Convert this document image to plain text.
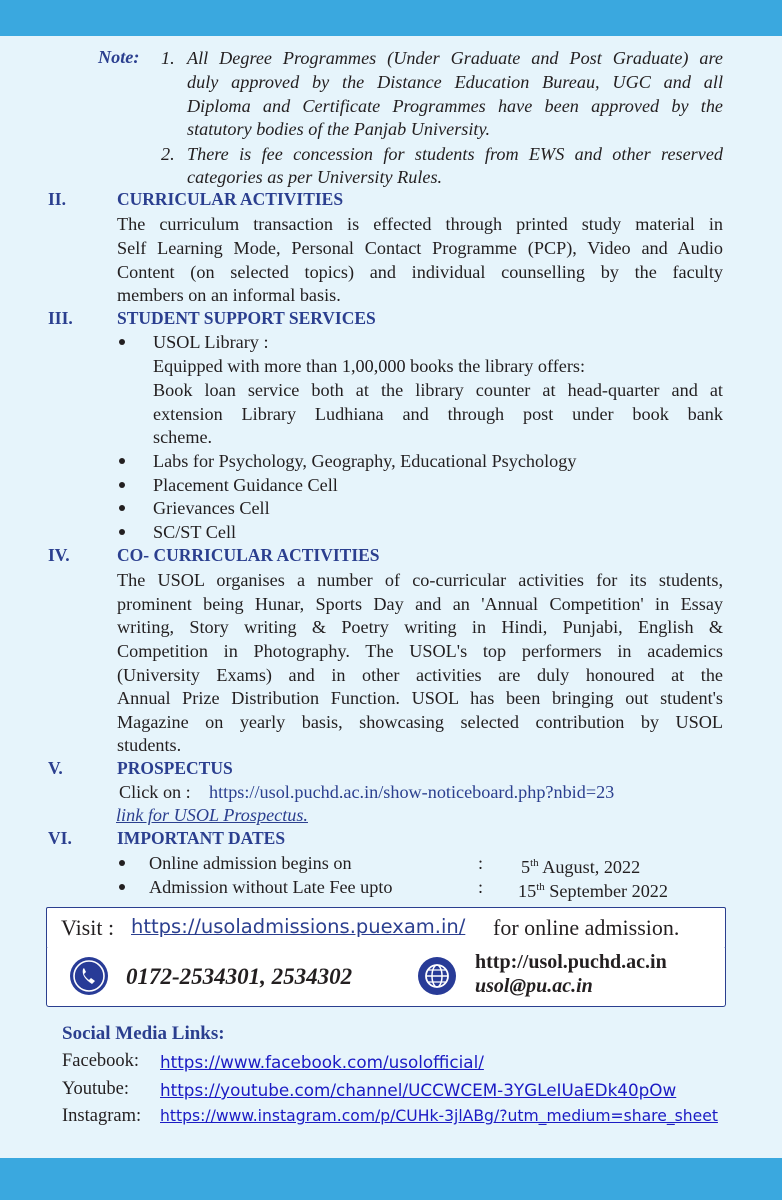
Note: 1. All Degree Programmes (Under Graduate and Post Graduate) are
duly approved by the Distance Education Bureau, UGC and all
Diploma and Certificate Programmes have been approved by the
statutory bodies of the Panjab University.
2. There is fee concession for students from EWS and other reserved
categories as per University Rules.
II.	CURRICULAR ACTIVITIES
The curriculum transaction is effected through printed study material in
Self Learning Mode, Personal Contact Programme (PCP), Video and Audio
Content (on selected topics) and individual counselling by the faculty
members on an informal basis.
III.	STUDENT SUPPORT SERVICES
USOL Library :
Equipped with more than 1,00,000 books the library offers:
Book loan service both at the library counter at head-quarter and at
extension Library Ludhiana and through post under book bank
scheme.
Labs for Psychology, Geography, Educational Psychology
Placement Guidance Cell
Grievances Cell
SC/ST Cell
IV.	CO- CURRICULAR ACTIVITIES
The USOL organises a number of co-curricular activities for its students,
prominent being Hunar, Sports Day and an 'Annual Competition' in Essay
writing, Story writing & Poetry writing in Hindi, Punjabi, English &
Competition in Photography. The USOL's top performers in academics
(University Exams) and in other activities are duly honoured at the
Annual Prize Distribution Function. USOL has been bringing out student's
Magazine on yearly basis, showcasing selected contribution by USOL
students.
V.	PROSPECTUS
Click on : https://usol.puchd.ac.in/show-noticeboard.php?nbid=23
link for USOL Prospectus.
VI.	IMPORTANT DATES
Online admission begins on	: 5th August, 2022
Admission without Late Fee upto	: 15th September 2022
Visit : https://usoladmissions.puexam.in/ for online admission.
0172-2534301, 2534302
http://usol.puchd.ac.in
usol@pu.ac.in
Social Media Links:
Facebook: https://www.facebook.com/usolofficial/
Youtube: https://youtube.com/channel/UCCWCEM-3YGLeIUaEDk40pOw
Instagram: https://www.instagram.com/p/CUHk-3jlABg/?utm_medium=share_sheet
